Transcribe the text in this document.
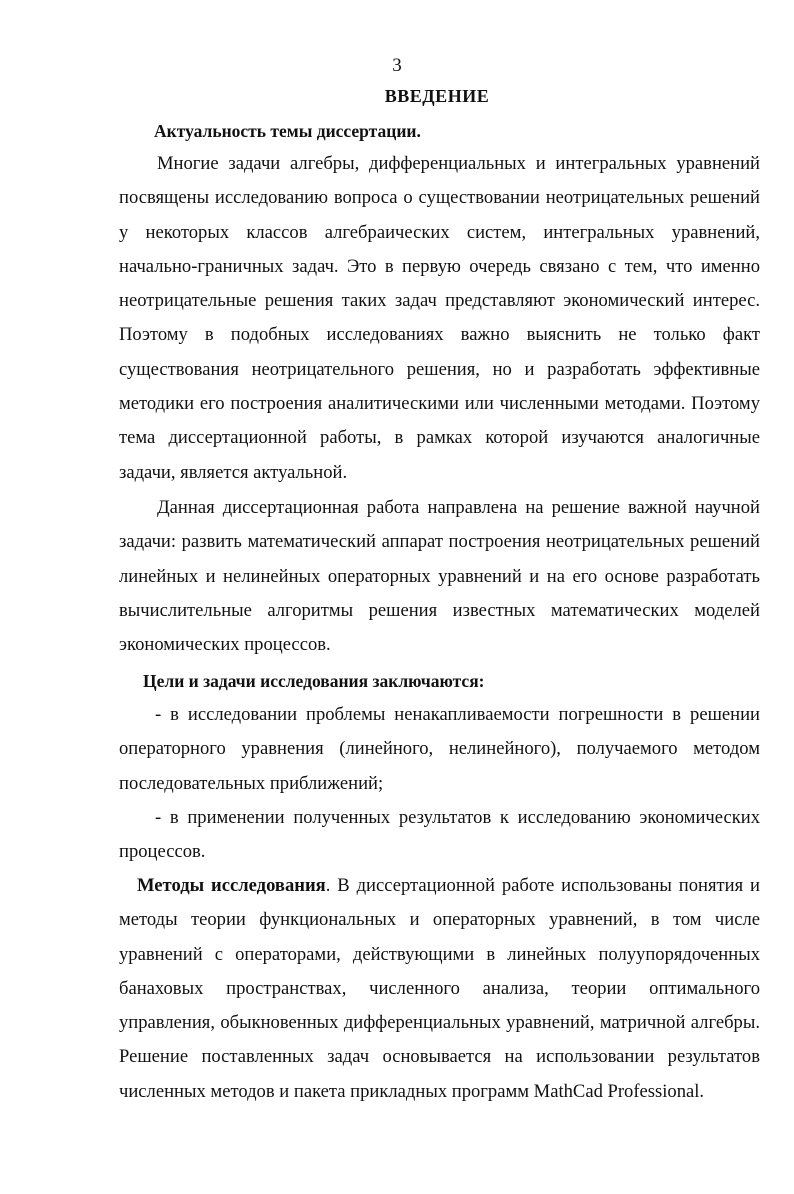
3
ВВЕДЕНИЕ
Актуальность темы диссертации.
Многие задачи алгебры, дифференциальных и интегральных уравнений посвящены исследованию вопроса о существовании неотрицательных решений у некоторых классов алгебраических систем, интегральных уравнений, начально-граничных задач. Это в первую очередь связано с тем, что именно неотрицательные решения таких задач представляют экономический интерес. Поэтому в подобных исследованиях важно выяснить не только факт существования неотрицательного решения, но и разработать эффективные методики его построения аналитическими или численными методами. Поэтому тема диссертационной работы, в рамках которой изучаются аналогичные задачи, является актуальной.
Данная диссертационная работа направлена на решение важной научной задачи: развить математический аппарат построения неотрицательных решений линейных и нелинейных операторных уравнений и на его основе разработать вычислительные алгоритмы решения известных математических моделей экономических процессов.
Цели и задачи исследования заключаются:
- в исследовании проблемы ненакапливаемости погрешности в решении операторного уравнения (линейного, нелинейного), получаемого методом последовательных приближений;
- в применении полученных результатов к исследованию экономических процессов.
Методы исследования. В диссертационной работе использованы понятия и методы теории функциональных и операторных уравнений, в том числе уравнений с операторами, действующими в линейных полуупорядоченных банаховых пространствах, численного анализа, теории оптимального управления, обыкновенных дифференциальных уравнений, матричной алгебры. Решение поставленных задач основывается на использовании результатов численных методов и пакета прикладных программ MathCad Professional.
